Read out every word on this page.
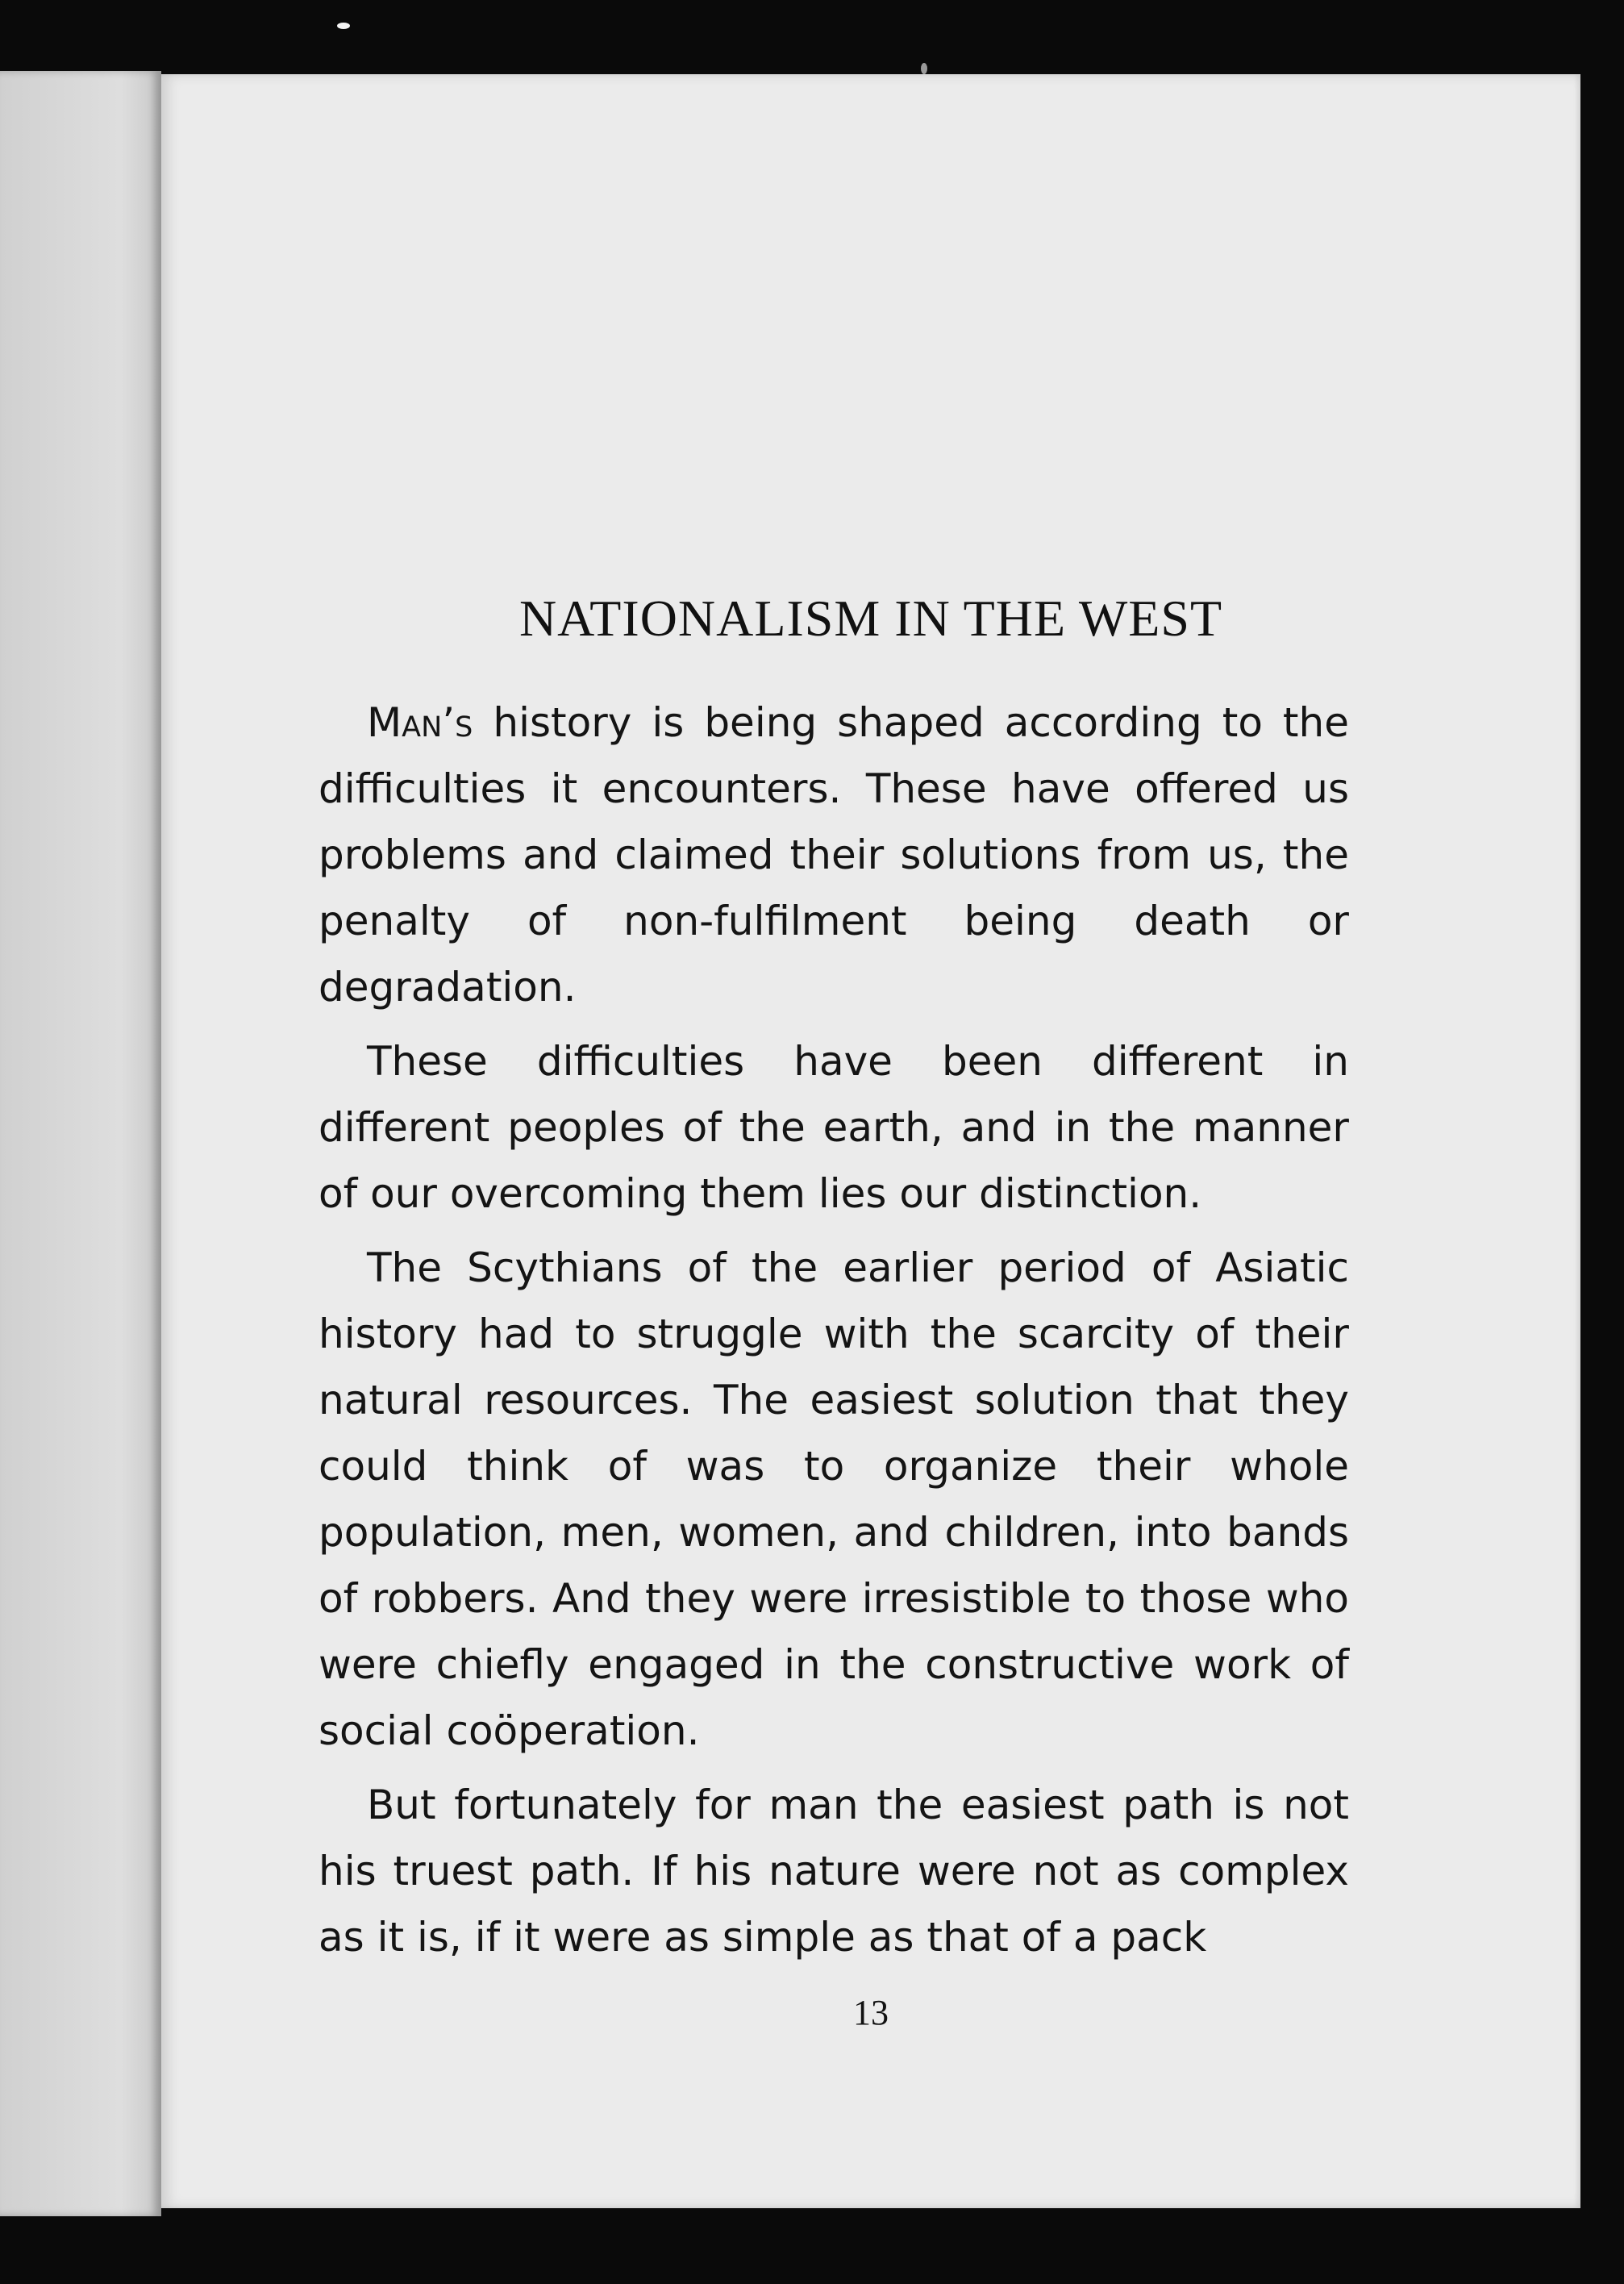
NATIONALISM IN THE WEST

Man’s history is being shaped according to the difficulties it encounters. These have offered us problems and claimed their solutions from us, the penalty of non-fulfilment being death or degradation.

These difficulties have been different in different peoples of the earth, and in the manner of our overcoming them lies our distinction.

The Scythians of the earlier period of Asiatic history had to struggle with the scarcity of their natural resources. The easiest solution that they could think of was to organize their whole population, men, women, and children, into bands of robbers. And they were irresistible to those who were chiefly engaged in the constructive work of social coöperation.

But fortunately for man the easiest path is not his truest path. If his nature were not as complex as it is, if it were as simple as that of a pack

13
